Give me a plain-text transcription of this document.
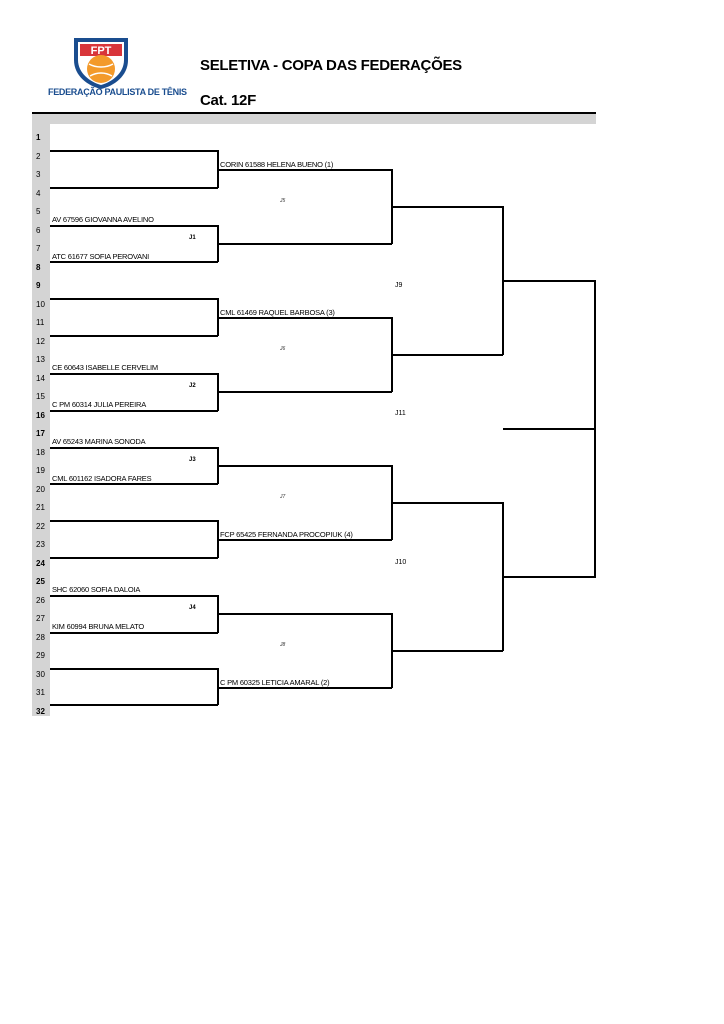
FPT
FEDERAÇÃO PAULISTA DE TÊNIS
SELETIVA - COPA DAS FEDERAÇÕES
Cat. 12F
1
2
3
4
5
6
7
8
9
10
11
12
13
14
15
16
17
18
19
20
21
22
23
24
25
26
27
28
29
30
31
32
AV 67596 GIOVANNA AVELINO
ATC 61677 SOFIA PEROVANI
CE 60643 ISABELLE CERVELIM
C PM 60314 JULIA PEREIRA
AV 65243 MARINA SONODA
CML 601162 ISADORA FARES
SHC 62060 SOFIA DALOIA
KIM 60994 BRUNA MELATO
CORIN 61588 HELENA BUENO (1)
CML 61469 RAQUEL BARBOSA (3)
FCP 65425 FERNANDA PROCOPIUK (4)
C PM 60325 LETICIA AMARAL (2)
J1
J2
J3
J4
J5
J6
J7
J8
J9
J10
J11
